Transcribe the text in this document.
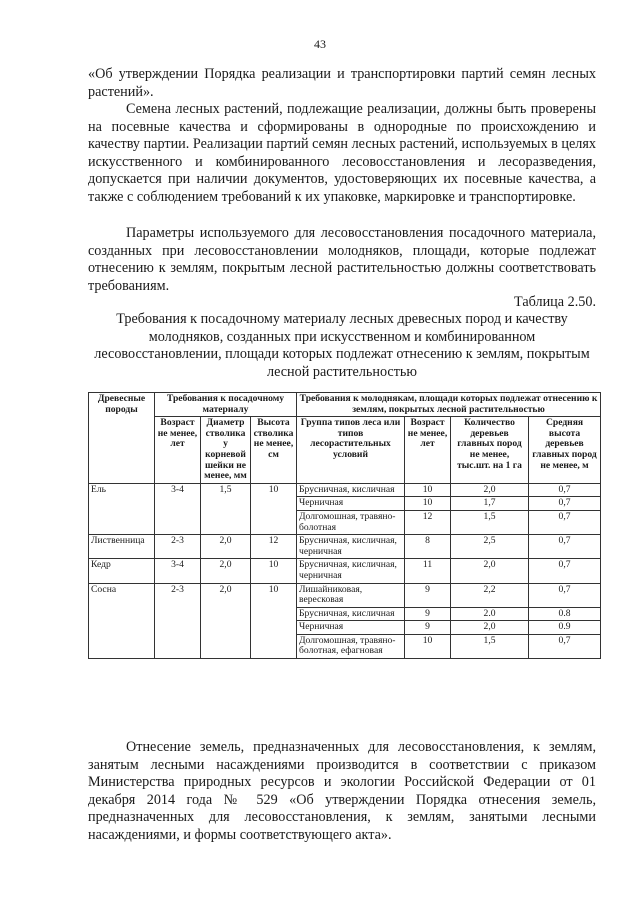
43

«Об утверждении Порядка реализации и транспортировки партий семян лесных растений».

Семена лесных растений, подлежащие реализации, должны быть проверены на посевные качества и сформированы в однородные по происхождению и качеству партии. Реализации партий семян лесных растений, используемых в целях искусственного и комбинированного лесовосстановления и лесоразведения, допускается при наличии документов, удостоверяющих их посевные качества, а также с соблюдением требований к их упаковке, маркировке и транспортировке.

Параметры используемого для лесовосстановления посадочного материала, созданных при лесовосстановлении молодняков, площади, которые подлежат отнесению к землям, покрытым лесной растительностью должны соответствовать требованиям.

Таблица 2.50.
Требования к посадочному материалу лесных древесных пород и качеству молодняков, созданных при искусственном и комбинированном лесовосстановлении, площади которых подлежат отнесению к землям, покрытым лесной растительностью
Древесные породы	Требования к посадочному материалу			Требования к молоднякам, площади которых подлежат отнесению к землям, покрытых лесной растительностью			
	Возраст не менее, лет	Диаметр стволика у корневой шейки не менее, мм	Высота стволика не менее, см	Группа типов леса или типов лесорастительных условий	Возраст не менее, лет	Количество деревьев главных пород не менее, тыс.шт. на 1 га	Средняя высота деревьев главных пород не менее, м
Ель	3-4	1,5	10	Брусничная, кисличная	10	2,0	0,7
				Черничная	10	1,7	0,7
				Долгомошная, травяно-болотная	12	1,5	0,7
Лиственница	2-3	2,0	12	Брусничная, кисличная, черничная	8	2,5	0,7
Кедр	3-4	2,0	10	Брусничная, кисличная, черничная	11	2,0	0,7
Сосна	2-3	2,0	10	Лишайниковая, вересковая	9	2,2	0,7
				Брусничная, кисличная	9	2.0	0.8
				Черничная	9	2,0	0.9
				Долгомошная, травяно-болотная, ефагновая	10	1,5	0,7

Отнесение земель, предназначенных для лесовосстановления, к землям, занятым лесными насаждениями производится в соответствии с приказом Министерства природных ресурсов и экологии Российской Федерации от 01 декабря 2014 года № 529 «Об утверждении Порядка отнесения земель, предназначенных для лесовосстановления, к землям, занятыми лесными насаждениями, и формы соответствующего акта».
